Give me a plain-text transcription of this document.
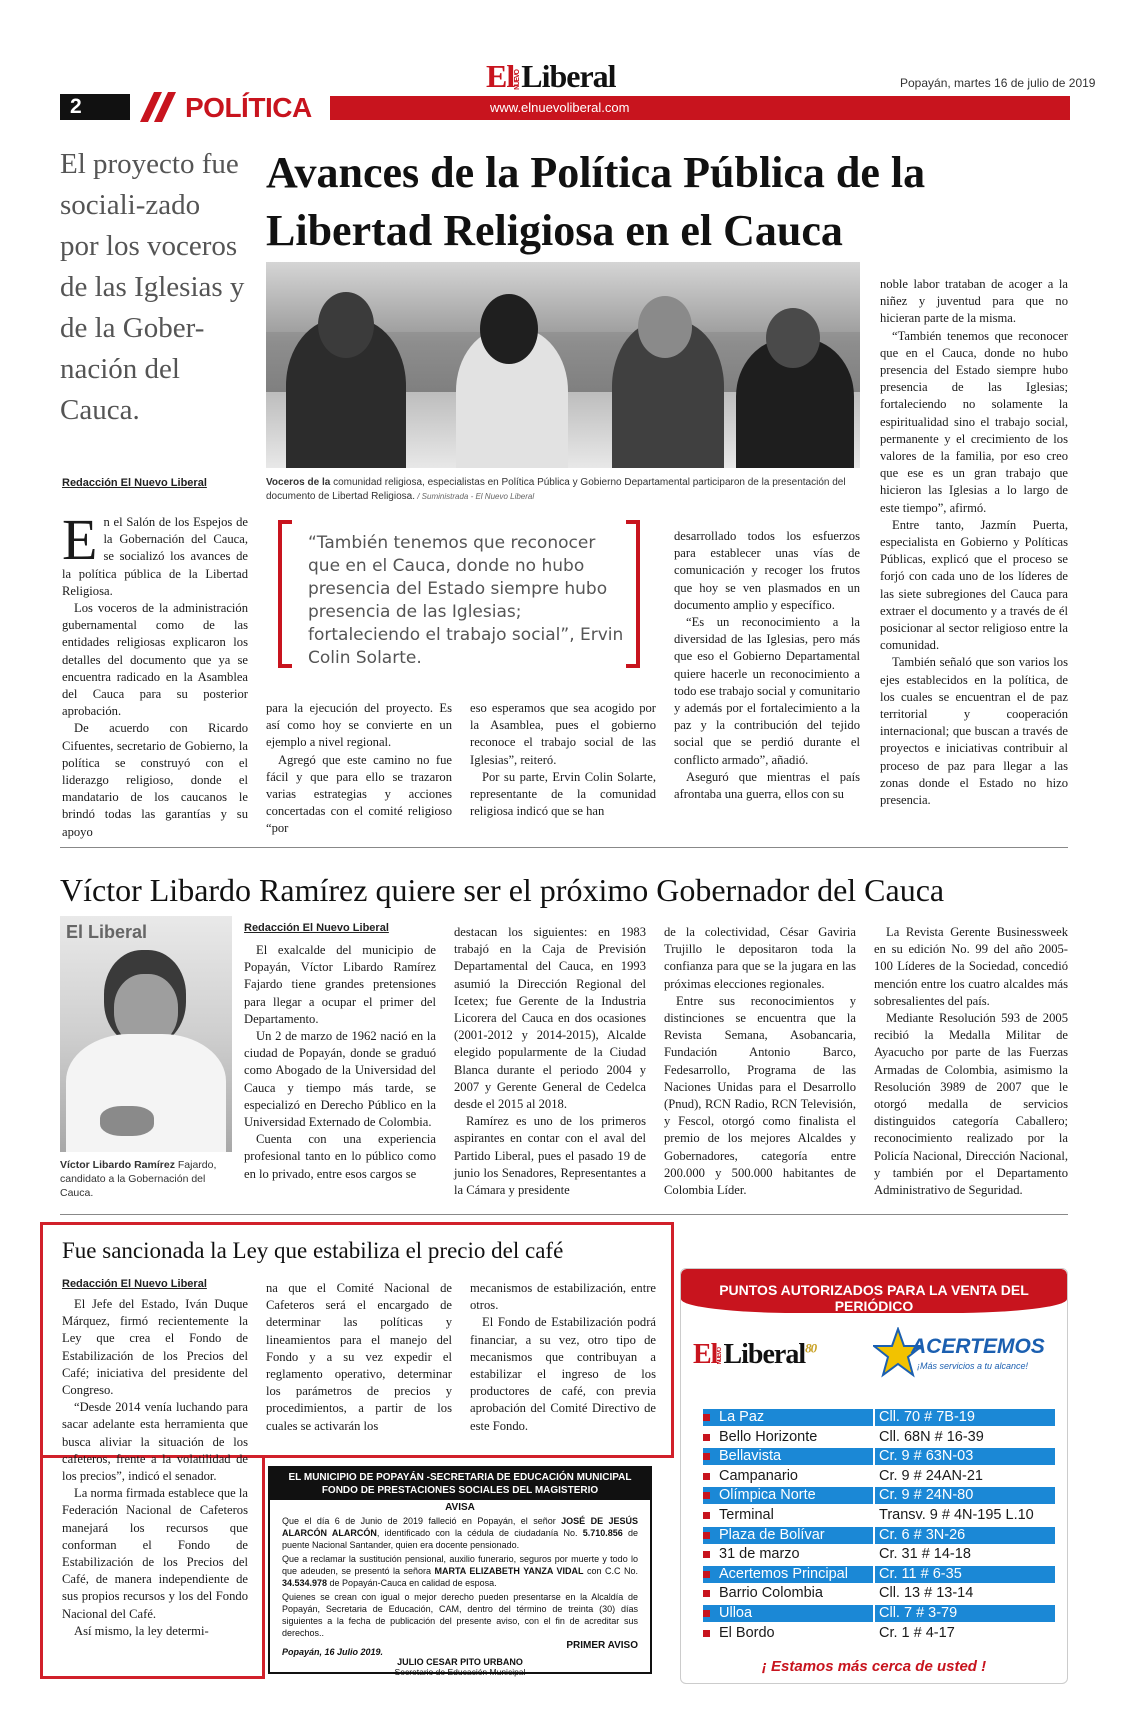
2	POLÍTICA	www.elnuevoliberal.com
ElNUEVOLiberal	Popayán, martes 16 de julio de 2019
El proyecto fue sociali-zado por los voceros de las Iglesias y de la Gober-nación del Cauca.
Avances de la Política Pública de la Libertad Religiosa en el Cauca
Voceros de la comunidad religiosa, especialistas en Política Pública y Gobierno Departamental participaron de la presentación del documento de Libertad Religiosa. / Suministrada - El Nuevo Liberal
Redacción El Nuevo Liberal
E n el Salón de los Espejos de la Gobernación del Cauca, se socializó los avances de la política pública de la Libertad Religiosa.

Los voceros de la administración gubernamental como de las entidades religiosas explicaron los detalles del documento que ya se encuentra radicado en la Asamblea del Cauca para su posterior aprobación.

De acuerdo con Ricardo Cifuentes, secretario de Gobierno, la política se construyó con el liderazgo religioso, donde el mandatario de los caucanos le brindó todas las garantías y su apoyo

“También tenemos que reconocer que en el Cauca, donde no hubo presencia del Estado siempre hubo presencia de las Iglesias; fortaleciendo el trabajo social”, Ervin Colin Solarte.

para la ejecución del proyecto. Es así como hoy se convierte en un ejemplo a nivel regional.

Agregó que este camino no fue fácil y que para ello se trazaron varias estrategias y acciones concertadas con el comité religioso “por

eso esperamos que sea acogido por la Asamblea, pues el gobierno reconoce el trabajo social de las Iglesias”, reiteró.

Por su parte, Ervin Colin Solarte, representante de la comunidad religiosa indicó que se han

desarrollado todos los esfuerzos para establecer unas vías de comunicación y recoger los frutos que hoy se ven plasmados en un documento amplio y específico.

“Es un reconocimiento a la diversidad de las Iglesias, pero más que eso el Gobierno Departamental quiere hacerle un reconocimiento a todo ese trabajo social y comunitario y además por el fortalecimiento a la paz y la contribución del tejido social que se perdió durante el conflicto armado”, añadió.

Aseguró que mientras el país afrontaba una guerra, ellos con su

noble labor trataban de acoger a la niñez y juventud para que no hicieran parte de la misma.

“También tenemos que reconocer que en el Cauca, donde no hubo presencia del Estado siempre hubo presencia de las Iglesias; fortaleciendo no solamente la espiritualidad sino el trabajo social, permanente y el crecimiento de los valores de la familia, por eso creo que ese es un gran trabajo que hicieron las Iglesias a lo largo de este tiempo”, afirmó.

Entre tanto, Jazmín Puerta, especialista en Gobierno y Políticas Públicas, explicó que el proceso se forjó con cada uno de los líderes de las siete subregiones del Cauca para extraer el documento y a través de él posicionar al sector religioso entre la comunidad.

También señaló que son varios los ejes establecidos en la política, de los cuales se encuentran el de paz territorial y cooperación internacional; que buscan a través de proyectos e iniciativas contribuir al proceso de paz para llegar a las zonas donde el Estado no hizo presencia.

Víctor Libardo Ramírez quiere ser el próximo Gobernador del Cauca
El Liberal
Víctor Libardo Ramírez Fajardo, candidato a la Gobernación del Cauca.
Redacción El Nuevo Liberal

El exalcalde del municipio de Popayán, Víctor Libardo Ramírez Fajardo tiene grandes pretensiones para llegar a ocupar el primer del Departamento.

Un 2 de marzo de 1962 nació en la ciudad de Popayán, donde se graduó como Abogado de la Universidad del Cauca y tiempo más tarde, se especializó en Derecho Público en la Universidad Externado de Colombia.

Cuenta con una experiencia profesional tanto en lo público como en lo privado, entre esos cargos se

destacan los siguientes: en 1983 trabajó en la Caja de Previsión Departamental del Cauca, en 1993 asumió la Dirección Regional del Icetex; fue Gerente de la Industria Licorera del Cauca en dos ocasiones (2001-2012 y 2014-2015), Alcalde elegido popularmente de la Ciudad Blanca durante el periodo 2004 y 2007 y Gerente General de Cedelca desde el 2015 al 2018.

Ramírez es uno de los primeros aspirantes en contar con el aval del Partido Liberal, pues el pasado 19 de junio los Senadores, Representantes a la Cámara y presidente

de la colectividad, César Gaviria Trujillo le depositaron toda la confianza para que se la jugara en las próximas elecciones regionales.

Entre sus reconocimientos y distinciones se encuentra que la Revista Semana, Asobancaria, Fundación Antonio Barco, Fedesarrollo, Programa de las Naciones Unidas para el Desarrollo (Pnud), RCN Radio, RCN Televisión, y Fescol, otorgó como finalista el premio de los mejores Alcaldes y Gobernadores, categoría entre 200.000 y 500.000 habitantes de Colombia Líder.

La Revista Gerente Businessweek en su edición No. 99 del año 2005-100 Líderes de la Sociedad, concedió mención entre los cuatro alcaldes más sobresalientes del país.

Mediante Resolución 593 de 2005 recibió la Medalla Militar de Ayacucho por parte de las Fuerzas Armadas de Colombia, asimismo la Resolución 3989 de 2007 que le otorgó medalla de servicios distinguidos categoría Caballero; reconocimiento realizado por la Policía Nacional, Dirección Nacional, y también por el Departamento Administrativo de Seguridad.

Fue sancionada la Ley que estabiliza el precio del café
Redacción El Nuevo Liberal

El Jefe del Estado, Iván Duque Márquez, firmó recientemente la Ley que crea el Fondo de Estabilización de los Precios del Café; iniciativa del presidente del Congreso.

“Desde 2014 venía luchando para sacar adelante esta herramienta que busca aliviar la situación de los cafeteros, frente a la volatilidad de los precios”, indicó el senador.

La norma firmada establece que la Federación Nacional de Cafeteros manejará los recursos que conforman el Fondo de Estabilización de los Precios del Café, de manera independiente de sus propios recursos y los del Fondo Nacional del Café.

Así mismo, la ley determi-

na que el Comité Nacional de Cafeteros será el encargado de determinar las políticas y lineamientos para el manejo del Fondo y a su vez expedir el reglamento operativo, determinar los parámetros de precios y procedimientos, a partir de los cuales se activarán los

mecanismos de estabilización, entre otros.

El Fondo de Estabilización podrá financiar, a su vez, otro tipo de mecanismos que contribuyan a estabilizar el ingreso de los productores de café, con previa aprobación del Comité Directivo de este Fondo.

EL MUNICIPIO DE POPAYÁN -SECRETARIA DE EDUCACIÓN MUNICIPAL
FONDO DE PRESTACIONES SOCIALES DEL MAGISTERIO
AVISA
Que el día 6 de Junio de 2019 falleció en Popayán, el señor JOSÉ DE JESÚS ALARCÓN ALARCÓN, identificado con la cédula de ciudadanía No. 5.710.856 de puente Nacional Santander, quien era docente pensionado.
Que a reclamar la sustitución pensional, auxilio funerario, seguros por muerte y todo lo que adeuden, se presentó la señora MARTA ELIZABETH YANZA VIDAL con C.C No. 34.534.978 de Popayán-Cauca en calidad de esposa.
Quienes se crean con igual o mejor derecho pueden presentarse en la Alcaldía de Popayán, Secretaria de Educación, CAM, dentro del término de treinta (30) días siguientes a la fecha de publicación del presente aviso, con el fin de acreditar sus derechos..
Popayán, 16 Julio 2019.
PRIMER AVISO
JULIO CESAR PITO URBANO
Secretario de Educación Municipal
PUNTOS AUTORIZADOS PARA LA VENTA DEL PERIÓDICO
ElNUEVOLiberal$^{80}$	ACERTEMOS
¡Más servicios a tu alcance!
La Paz	Cll. 70 # 7B-19
Bello Horizonte	Cll. 68N # 16-39
Bellavista	Cr. 9 # 63N-03
Campanario	Cr. 9 # 24AN-21
Olímpica Norte	Cr. 9 # 24N-80
Terminal	Transv. 9 # 4N-195 L.10
Plaza de Bolívar	Cr. 6 # 3N-26
31 de marzo	Cr. 31 # 14-18
Acertemos Principal Cr. 11 # 6-35
Barrio Colombia	Cll. 13 # 13-14
Ulloa	Cll. 7 # 3-79
El Bordo	Cr. 1 # 4-17
¡ Estamos más cerca de usted !
